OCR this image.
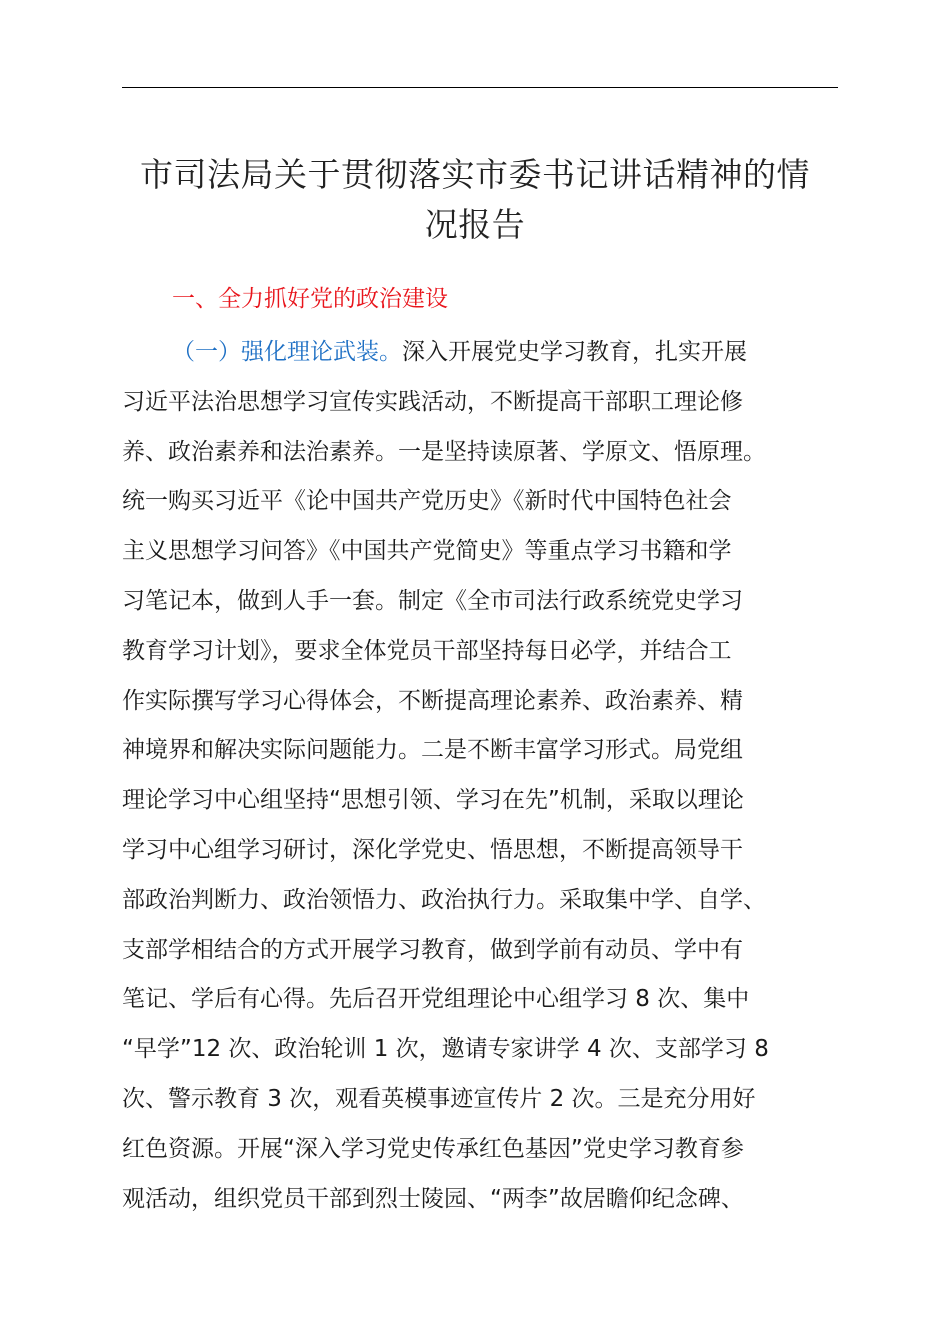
市司法局关于贯彻落实市委书记讲话精神的情
况报告
一、全力抓好党的政治建设
（一）强化理论武装。深入开展党史学习教育，扎实开展
习近平法治思想学习宣传实践活动，不断提高干部职工理论修
养、政治素养和法治素养。一是坚持读原著、学原文、悟原理。
统一购买习近平《论中国共产党历史》《新时代中国特色社会
主义思想学习问答》《中国共产党简史》等重点学习书籍和学
习笔记本，做到人手一套。制定《全市司法行政系统党史学习
教育学习计划》，要求全体党员干部坚持每日必学，并结合工
作实际撰写学习心得体会，不断提高理论素养、政治素养、精
神境界和解决实际问题能力。二是不断丰富学习形式。局党组
理论学习中心组坚持“思想引领、学习在先”机制，采取以理论
学习中心组学习研讨，深化学党史、悟思想，不断提高领导干
部政治判断力、政治领悟力、政治执行力。采取集中学、自学、
支部学相结合的方式开展学习教育，做到学前有动员、学中有
笔记、学后有心得。先后召开党组理论中心组学习 8 次、集中
“早学”12 次、政治轮训 1 次，邀请专家讲学 4 次、支部学习 8
次、警示教育 3 次，观看英模事迹宣传片 2 次。三是充分用好
红色资源。开展“深入学习党史传承红色基因”党史学习教育参
观活动，组织党员干部到烈士陵园、“两李”故居瞻仰纪念碑、
